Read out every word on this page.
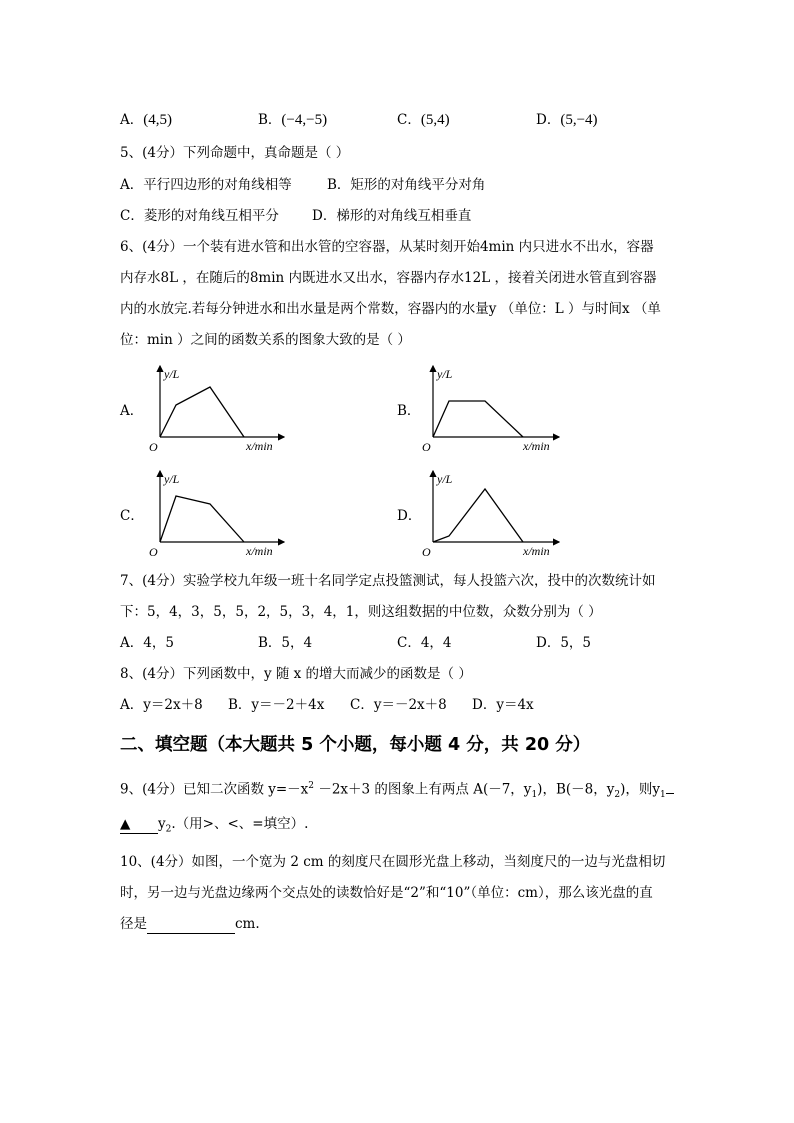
A．(4,5)	B．(−4,−5)	C．(5,4)	D．(5,−4)
5、(4分）下列命题中，真命题是（ ）
A．平行四边形的对角线相等	B．矩形的对角线平分对角
C．菱形的对角线互相平分 D．梯形的对角线互相垂直
6、(4分）一个装有进水管和出水管的空容器，从某时刻开始4min 内只进水不出水，容器
内存水8L ，在随后的8min 内既进水又出水，容器内存水12L ，接着关闭进水管直到容器
内的水放完.若每分钟进水和出水量是两个常数，容器内的水量y （单位：L ）与时间x （单
位：min ）之间的函数关系的图象大致的是（ ）
A．	B．
C．	D．
y/L
x/min
O
y/L
x/min
O
y/L
x/min
O
y/L
x/min
O
7、(4分）实验学校九年级一班十名同学定点投篮测试，每人投篮六次，投中的次数统计如
下：5，4，3，5，5，2，5，3，4，1，则这组数据的中位数，众数分别为（ ）
A．4，5	B．5，4	C．4，4	D．5，5
8、(4分）下列函数中，y 随 x 的增大而减少的函数是（ ）
A．y＝2x＋8 B．y＝－2＋4x C．y＝－2x＋8 D．y＝4x
二、填空题（本大题共 5 个小题，每小题 4 分，共 20 分）
9、(4分）已知二次函数 $y=-x^2 -2x+3$ 的图象上有两点 A(－7，$y_1$)，B(－8，$y_2$)，则$y_1$
▲ $y_2$.（用>、<、=填空）.
10、(4分）如图，一个宽为 2 cm 的刻度尺在圆形光盘上移动，当刻度尺的一边与光盘相切
时，另一边与光盘边缘两个交点处的读数恰好是“2”和“10”（单位：cm），那么该光盘的直
径是	cm.
